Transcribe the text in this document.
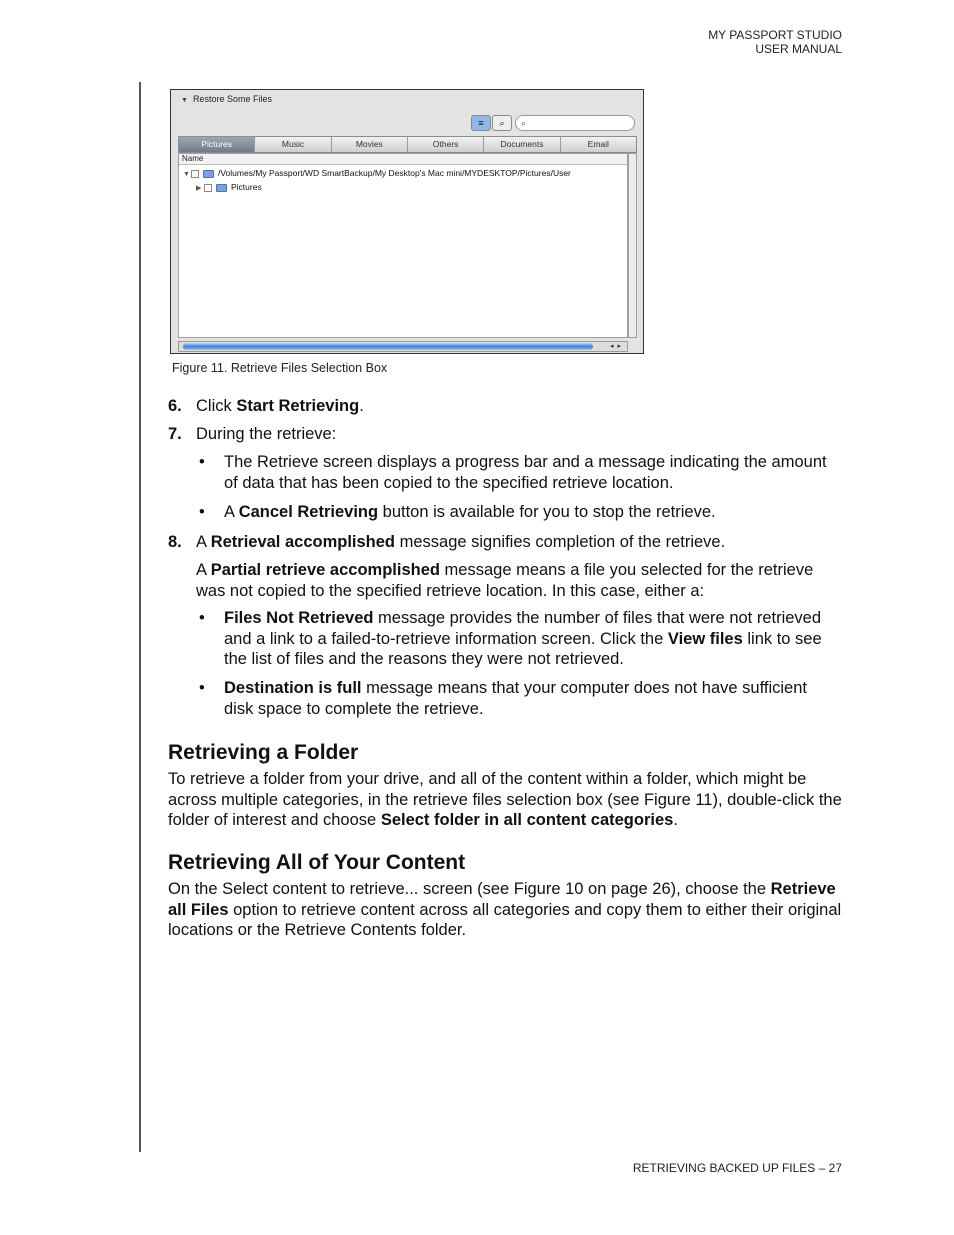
MY PASSPORT STUDIO
USER MANUAL
▼ Restore Some Files
≡	⌕	⌕
Pictures	Music	Movies	Others	Documents	Email
Name
▼	/Volumes/My Passport/WD SmartBackup/My Desktop's Mac mini/MYDESKTOP/Pictures/User
▶	Pictures
◂▸
Figure 11. Retrieve Files Selection Box
6. Click Start Retrieving.
7. During the retrieve:
• The Retrieve screen displays a progress bar and a message indicating the amount of data that has been copied to the specified retrieve location.
• A Cancel Retrieving button is available for you to stop the retrieve.
8. A Retrieval accomplished message signifies completion of the retrieve.
A Partial retrieve accomplished message means a file you selected for the retrieve was not copied to the specified retrieve location. In this case, either a:
• Files Not Retrieved message provides the number of files that were not retrieved and a link to a failed-to-retrieve information screen. Click the View files link to see the list of files and the reasons they were not retrieved.
• Destination is full message means that your computer does not have sufficient disk space to complete the retrieve.
Retrieving a Folder
To retrieve a folder from your drive, and all of the content within a folder, which might be across multiple categories, in the retrieve files selection box (see Figure 11), double-click the folder of interest and choose Select folder in all content categories.
Retrieving All of Your Content
On the Select content to retrieve... screen (see Figure 10 on page 26), choose the Retrieve all Files option to retrieve content across all categories and copy them to either their original locations or the Retrieve Contents folder.
RETRIEVING BACKED UP FILES – 27
